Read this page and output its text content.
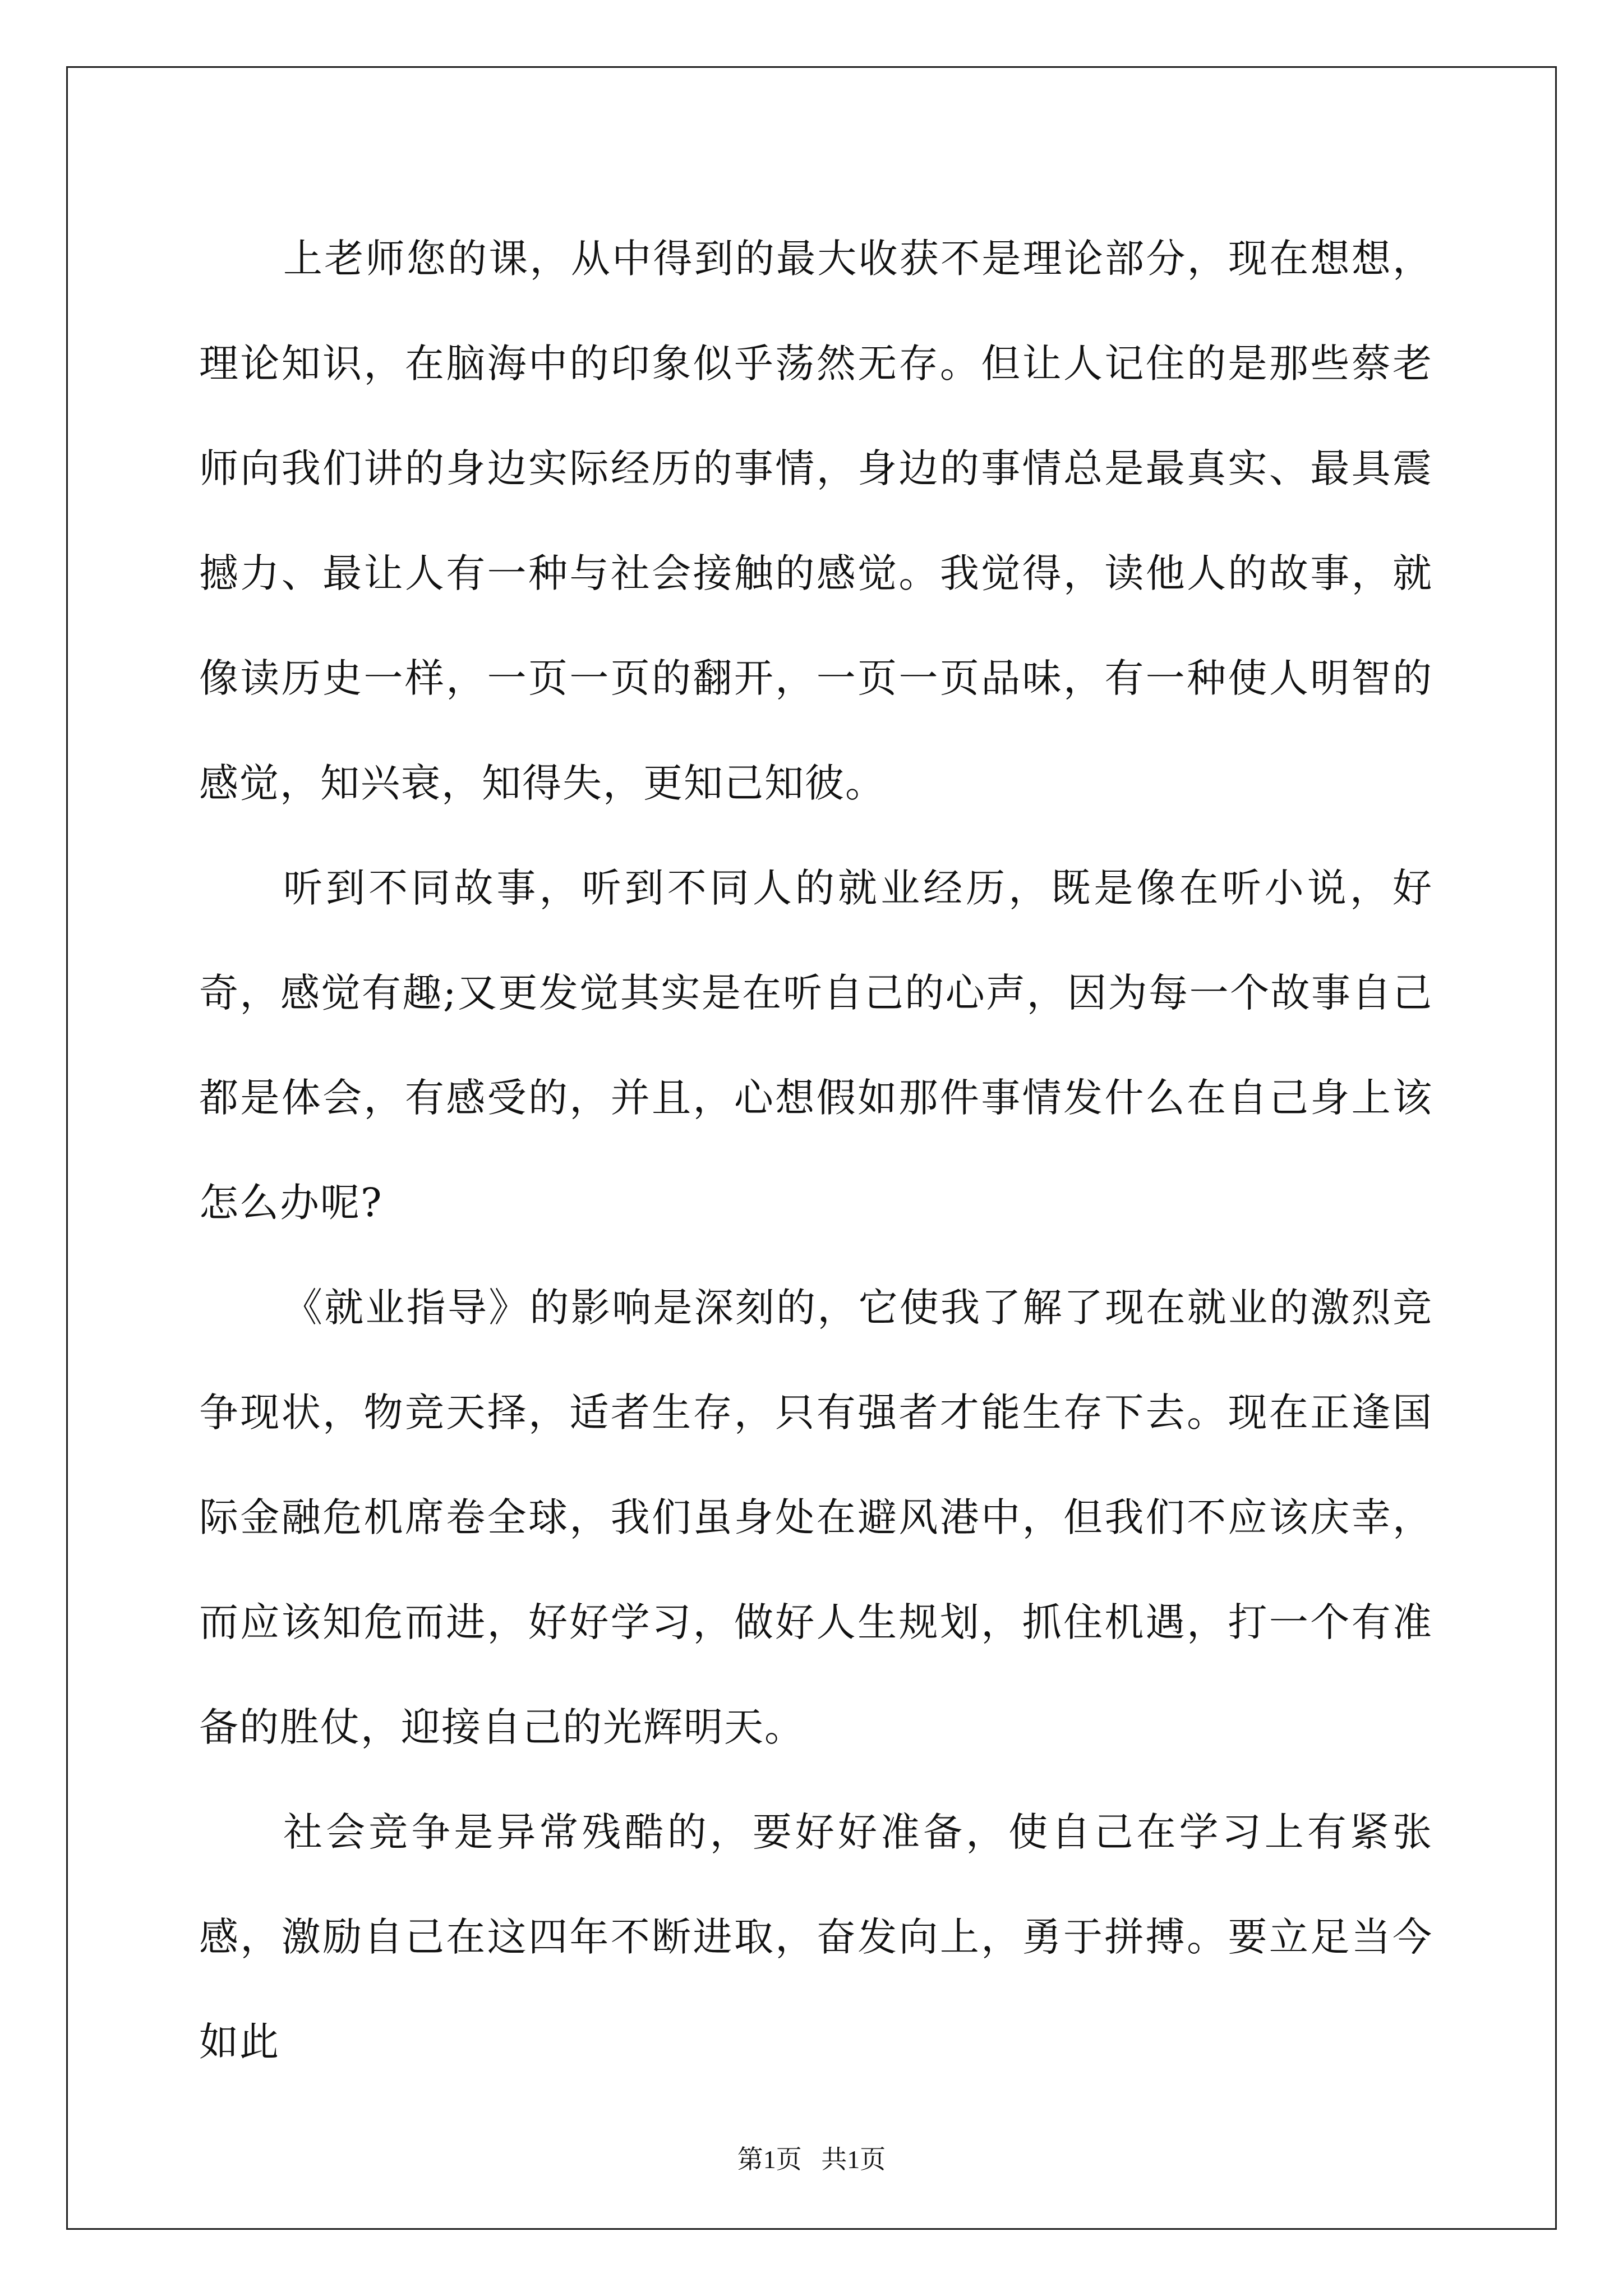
上老师您的课，从中得到的最大收获不是理论部分，现在想想，理论知识，在脑海中的印象似乎荡然无存。但让人记住的是那些蔡老师向我们讲的身边实际经历的事情，身边的事情总是最真实、最具震撼力、最让人有一种与社会接触的感觉。我觉得，读他人的故事，就像读历史一样，一页一页的翻开，一页一页品味，有一种使人明智的感觉，知兴衰，知得失，更知己知彼。

听到不同故事，听到不同人的就业经历，既是像在听小说，好奇，感觉有趣;又更发觉其实是在听自己的心声，因为每一个故事自己都是体会，有感受的，并且，心想假如那件事情发什么在自己身上该怎么办呢?

《就业指导》的影响是深刻的，它使我了解了现在就业的激烈竞争现状，物竞天择，适者生存，只有强者才能生存下去。现在正逢国际金融危机席卷全球，我们虽身处在避风港中，但我们不应该庆幸，而应该知危而进，好好学习，做好人生规划，抓住机遇，打一个有准备的胜仗，迎接自己的光辉明天。

社会竞争是异常残酷的，要好好准备，使自己在学习上有紧张感，激励自己在这四年不断进取，奋发向上，勇于拼搏。要立足当今如此

第1页 共1页
